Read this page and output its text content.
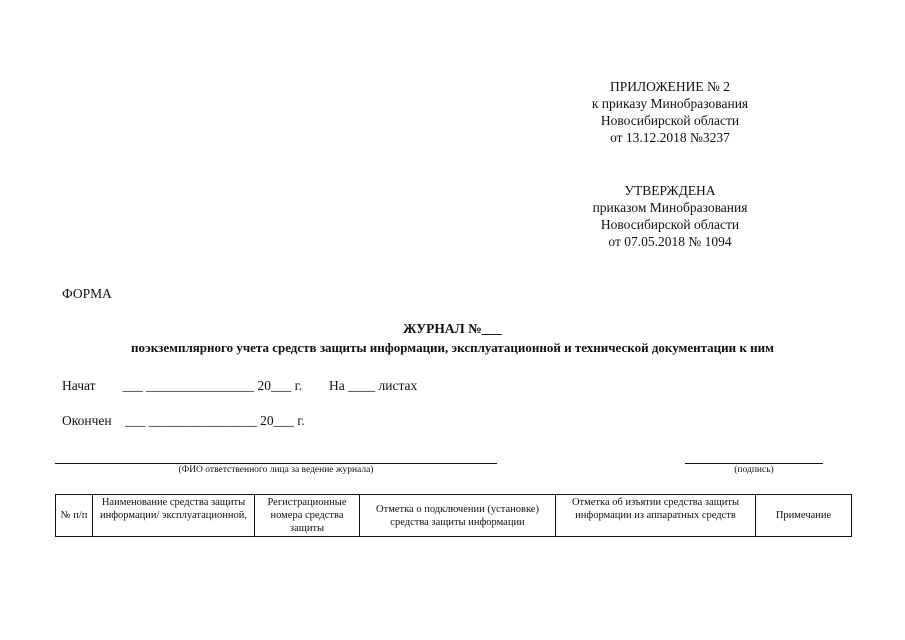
ПРИЛОЖЕНИЕ № 2
к приказу Минобразования
Новосибирской области
от 13.12.2018 №3237
УТВЕРЖДЕНА
приказом Минобразования
Новосибирской области
от 07.05.2018 № 1094
ФОРМА
ЖУРНАЛ №___
поэкземплярного учета средств защиты информации, эксплуатационной и технической документации к ним
Начат        ___ ________________ 20___ г.        На ____ листах
Окончен    ___ ________________ 20___ г.
(ФИО ответственного лица за ведение журнала)	(подпись)
№ п/п	Наименование средства защиты информации/ эксплуатационной,	Регистрационные номера средства защиты	Отметка о подключении (установке) средства защиты информации	Отметка об изъятии средства защиты информации из аппаратных средств	Примечание
